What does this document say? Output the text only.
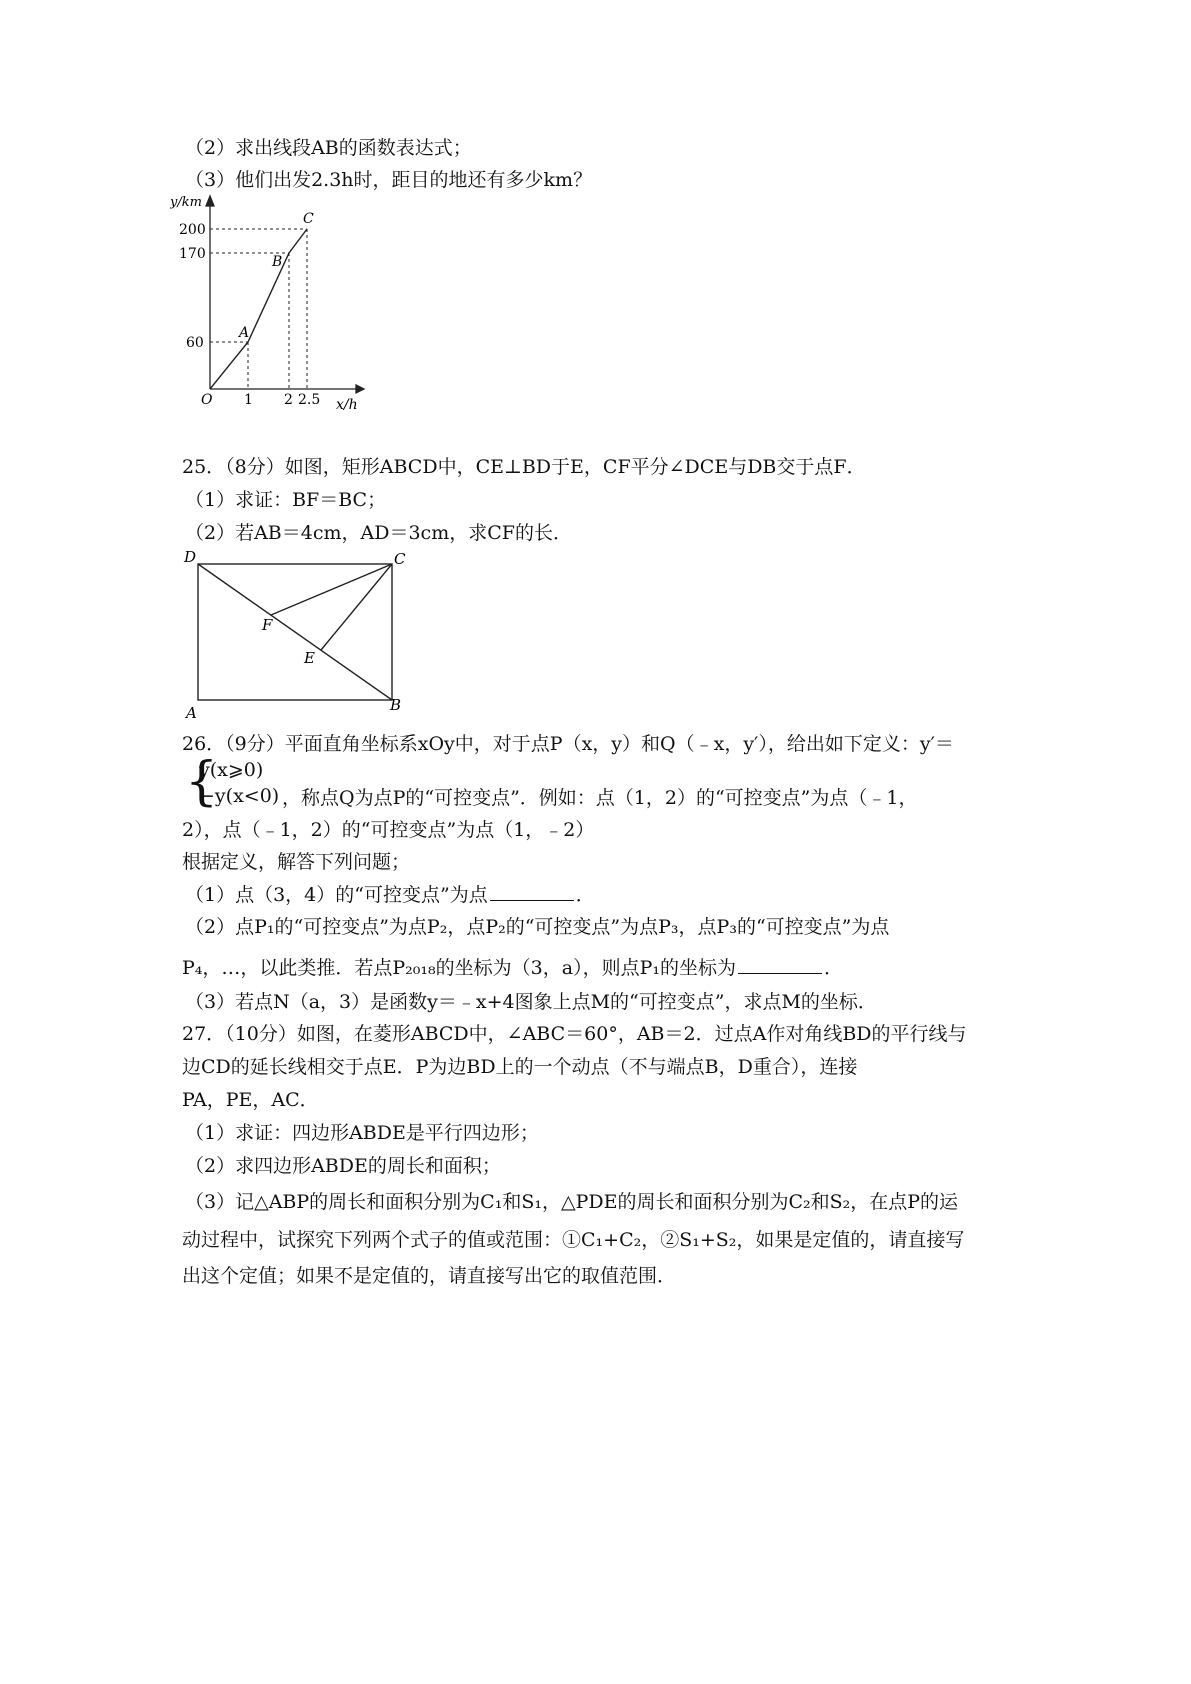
（2）求出线段AB的函数表达式；
（3）他们出发2.3h时，距目的地还有多少km？
y/km
200
170
60
O 1 2 2.5 x/h
A
B
C
25．（8分）如图，矩形ABCD中，CE⊥BD于E，CF平分∠DCE与DB交于点F．
（1）求证：BF＝BC；
（2）若AB＝4cm，AD＝3cm，求CF的长．
D	C
F
E
A	B
26．（9分）平面直角坐标系xOy中，对于点P（x，y）和Q（﹣x，y′），给出如下定义：y′＝
{
y(x⩾0)
−y(x<0) ，称点Q为点P的“可控变点”．例如：点（1，2）的“可控变点”为点（﹣1，
2），点（﹣1，2）的“可控变点”为点（1，﹣2）
根据定义，解答下列问题；
（1）点（3，4）的“可控变点”为点	．
（2）点P₁的“可控变点”为点P₂，点P₂的“可控变点”为点P₃，点P₃的“可控变点”为点
P₄，…，以此类推．若点P₂₀₁₈的坐标为（3，a），则点P₁的坐标为	．
（3）若点N（a，3）是函数y＝﹣x+4图象上点M的“可控变点”，求点M的坐标．
27．（10分）如图，在菱形ABCD中，∠ABC＝60°，AB＝2．过点A作对角线BD的平行线与
边CD的延长线相交于点E．P为边BD上的一个动点（不与端点B，D重合），连接
PA，PE，AC．
（1）求证：四边形ABDE是平行四边形；
（2）求四边形ABDE的周长和面积；
（3）记△ABP的周长和面积分别为C₁和S₁，△PDE的周长和面积分别为C₂和S₂，在点P的运
动过程中，试探究下列两个式子的值或范围：①C₁+C₂，②S₁+S₂，如果是定值的，请直接写
出这个定值；如果不是定值的，请直接写出它的取值范围．
